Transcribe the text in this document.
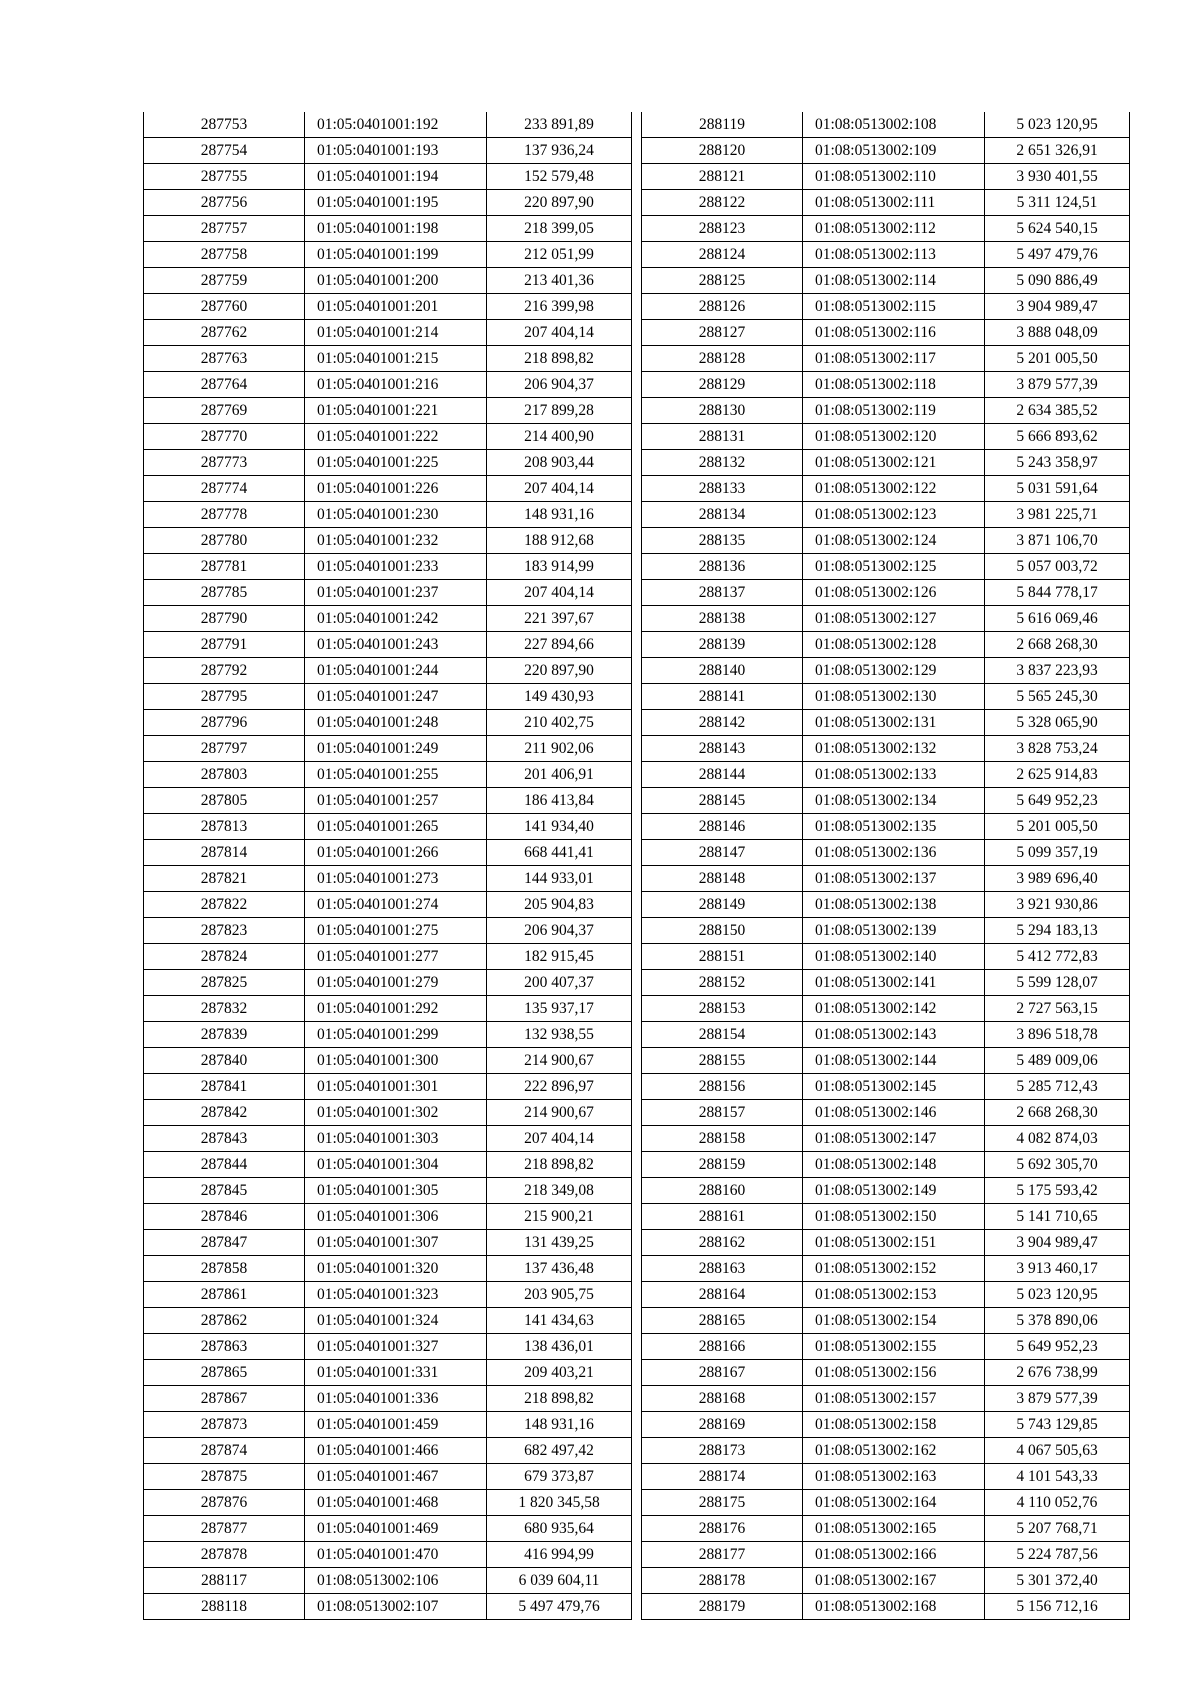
287753	01:05:0401001:192	233 891,89
287754	01:05:0401001:193	137 936,24
287755	01:05:0401001:194	152 579,48
287756	01:05:0401001:195	220 897,90
287757	01:05:0401001:198	218 399,05
287758	01:05:0401001:199	212 051,99
287759	01:05:0401001:200	213 401,36
287760	01:05:0401001:201	216 399,98
287762	01:05:0401001:214	207 404,14
287763	01:05:0401001:215	218 898,82
287764	01:05:0401001:216	206 904,37
287769	01:05:0401001:221	217 899,28
287770	01:05:0401001:222	214 400,90
287773	01:05:0401001:225	208 903,44
287774	01:05:0401001:226	207 404,14
287778	01:05:0401001:230	148 931,16
287780	01:05:0401001:232	188 912,68
287781	01:05:0401001:233	183 914,99
287785	01:05:0401001:237	207 404,14
287790	01:05:0401001:242	221 397,67
287791	01:05:0401001:243	227 894,66
287792	01:05:0401001:244	220 897,90
287795	01:05:0401001:247	149 430,93
287796	01:05:0401001:248	210 402,75
287797	01:05:0401001:249	211 902,06
287803	01:05:0401001:255	201 406,91
287805	01:05:0401001:257	186 413,84
287813	01:05:0401001:265	141 934,40
287814	01:05:0401001:266	668 441,41
287821	01:05:0401001:273	144 933,01
287822	01:05:0401001:274	205 904,83
287823	01:05:0401001:275	206 904,37
287824	01:05:0401001:277	182 915,45
287825	01:05:0401001:279	200 407,37
287832	01:05:0401001:292	135 937,17
287839	01:05:0401001:299	132 938,55
287840	01:05:0401001:300	214 900,67
287841	01:05:0401001:301	222 896,97
287842	01:05:0401001:302	214 900,67
287843	01:05:0401001:303	207 404,14
287844	01:05:0401001:304	218 898,82
287845	01:05:0401001:305	218 349,08
287846	01:05:0401001:306	215 900,21
287847	01:05:0401001:307	131 439,25
287858	01:05:0401001:320	137 436,48
287861	01:05:0401001:323	203 905,75
287862	01:05:0401001:324	141 434,63
287863	01:05:0401001:327	138 436,01
287865	01:05:0401001:331	209 403,21
287867	01:05:0401001:336	218 898,82
287873	01:05:0401001:459	148 931,16
287874	01:05:0401001:466	682 497,42
287875	01:05:0401001:467	679 373,87
287876	01:05:0401001:468	1 820 345,58
287877	01:05:0401001:469	680 935,64
287878	01:05:0401001:470	416 994,99
288117	01:08:0513002:106	6 039 604,11
288118	01:08:0513002:107	5 497 479,76
288119	01:08:0513002:108	5 023 120,95
288120	01:08:0513002:109	2 651 326,91
288121	01:08:0513002:110	3 930 401,55
288122	01:08:0513002:111	5 311 124,51
288123	01:08:0513002:112	5 624 540,15
288124	01:08:0513002:113	5 497 479,76
288125	01:08:0513002:114	5 090 886,49
288126	01:08:0513002:115	3 904 989,47
288127	01:08:0513002:116	3 888 048,09
288128	01:08:0513002:117	5 201 005,50
288129	01:08:0513002:118	3 879 577,39
288130	01:08:0513002:119	2 634 385,52
288131	01:08:0513002:120	5 666 893,62
288132	01:08:0513002:121	5 243 358,97
288133	01:08:0513002:122	5 031 591,64
288134	01:08:0513002:123	3 981 225,71
288135	01:08:0513002:124	3 871 106,70
288136	01:08:0513002:125	5 057 003,72
288137	01:08:0513002:126	5 844 778,17
288138	01:08:0513002:127	5 616 069,46
288139	01:08:0513002:128	2 668 268,30
288140	01:08:0513002:129	3 837 223,93
288141	01:08:0513002:130	5 565 245,30
288142	01:08:0513002:131	5 328 065,90
288143	01:08:0513002:132	3 828 753,24
288144	01:08:0513002:133	2 625 914,83
288145	01:08:0513002:134	5 649 952,23
288146	01:08:0513002:135	5 201 005,50
288147	01:08:0513002:136	5 099 357,19
288148	01:08:0513002:137	3 989 696,40
288149	01:08:0513002:138	3 921 930,86
288150	01:08:0513002:139	5 294 183,13
288151	01:08:0513002:140	5 412 772,83
288152	01:08:0513002:141	5 599 128,07
288153	01:08:0513002:142	2 727 563,15
288154	01:08:0513002:143	3 896 518,78
288155	01:08:0513002:144	5 489 009,06
288156	01:08:0513002:145	5 285 712,43
288157	01:08:0513002:146	2 668 268,30
288158	01:08:0513002:147	4 082 874,03
288159	01:08:0513002:148	5 692 305,70
288160	01:08:0513002:149	5 175 593,42
288161	01:08:0513002:150	5 141 710,65
288162	01:08:0513002:151	3 904 989,47
288163	01:08:0513002:152	3 913 460,17
288164	01:08:0513002:153	5 023 120,95
288165	01:08:0513002:154	5 378 890,06
288166	01:08:0513002:155	5 649 952,23
288167	01:08:0513002:156	2 676 738,99
288168	01:08:0513002:157	3 879 577,39
288169	01:08:0513002:158	5 743 129,85
288173	01:08:0513002:162	4 067 505,63
288174	01:08:0513002:163	4 101 543,33
288175	01:08:0513002:164	4 110 052,76
288176	01:08:0513002:165	5 207 768,71
288177	01:08:0513002:166	5 224 787,56
288178	01:08:0513002:167	5 301 372,40
288179	01:08:0513002:168	5 156 712,16
